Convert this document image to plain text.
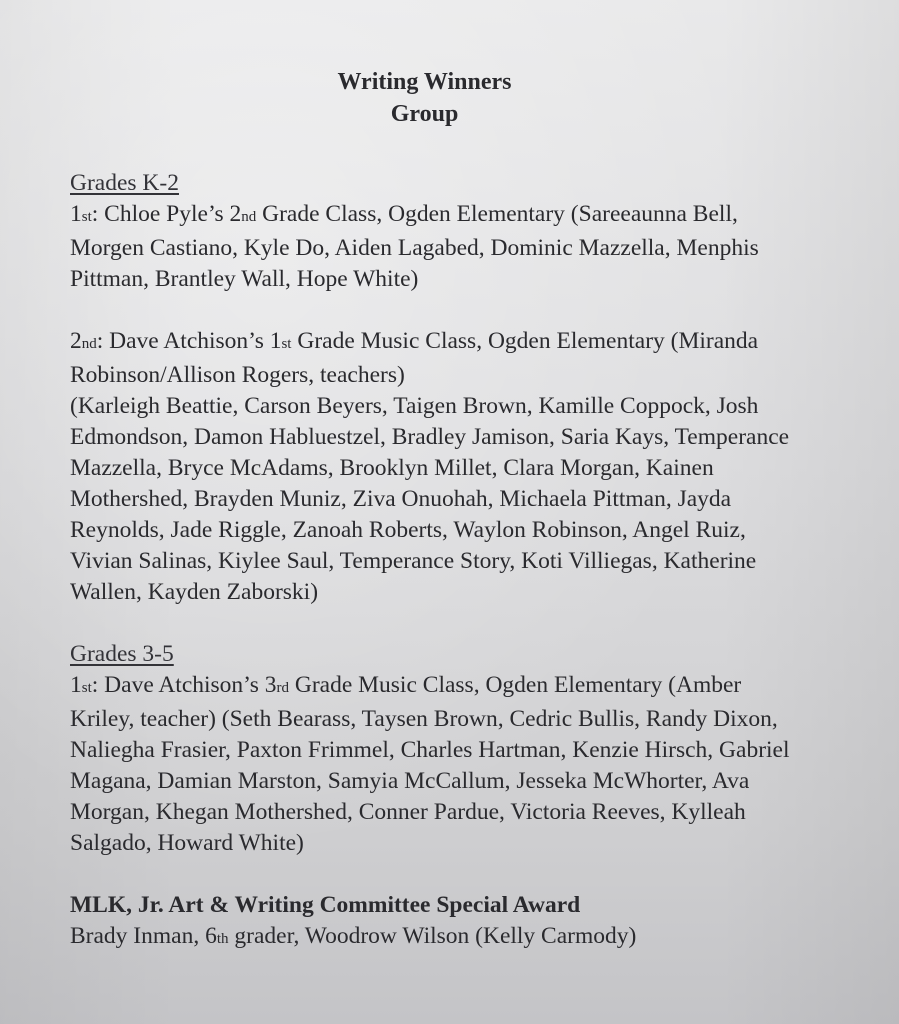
Writing Winners
Group
Grades K-2

1st: Chloe Pyle’s 2nd Grade Class, Ogden Elementary (Sareeaunna Bell,
Morgen Castiano, Kyle Do, Aiden Lagabed, Dominic Mazzella, Menphis
Pittman, Brantley Wall, Hope White)

2nd: Dave Atchison’s 1st Grade Music Class, Ogden Elementary (Miranda
Robinson/Allison Rogers, teachers)
(Karleigh Beattie, Carson Beyers, Taigen Brown, Kamille Coppock, Josh
Edmondson, Damon Habluestzel, Bradley Jamison, Saria Kays, Temperance
Mazzella, Bryce McAdams, Brooklyn Millet, Clara Morgan, Kainen
Mothershed, Brayden Muniz, Ziva Onuohah, Michaela Pittman, Jayda
Reynolds, Jade Riggle, Zanoah Roberts, Waylon Robinson, Angel Ruiz,
Vivian Salinas, Kiylee Saul, Temperance Story, Koti Villiegas, Katherine
Wallen, Kayden Zaborski)

Grades 3-5

1st: Dave Atchison’s 3rd Grade Music Class, Ogden Elementary (Amber
Kriley, teacher) (Seth Bearass, Taysen Brown, Cedric Bullis, Randy Dixon,
Naliegha Frasier, Paxton Frimmel, Charles Hartman, Kenzie Hirsch, Gabriel
Magana, Damian Marston, Samyia McCallum, Jesseka McWhorter, Ava
Morgan, Khegan Mothershed, Conner Pardue, Victoria Reeves, Kylleah
Salgado, Howard White)

MLK, Jr. Art & Writing Committee Special Award

Brady Inman, 6th grader, Woodrow Wilson (Kelly Carmody)
